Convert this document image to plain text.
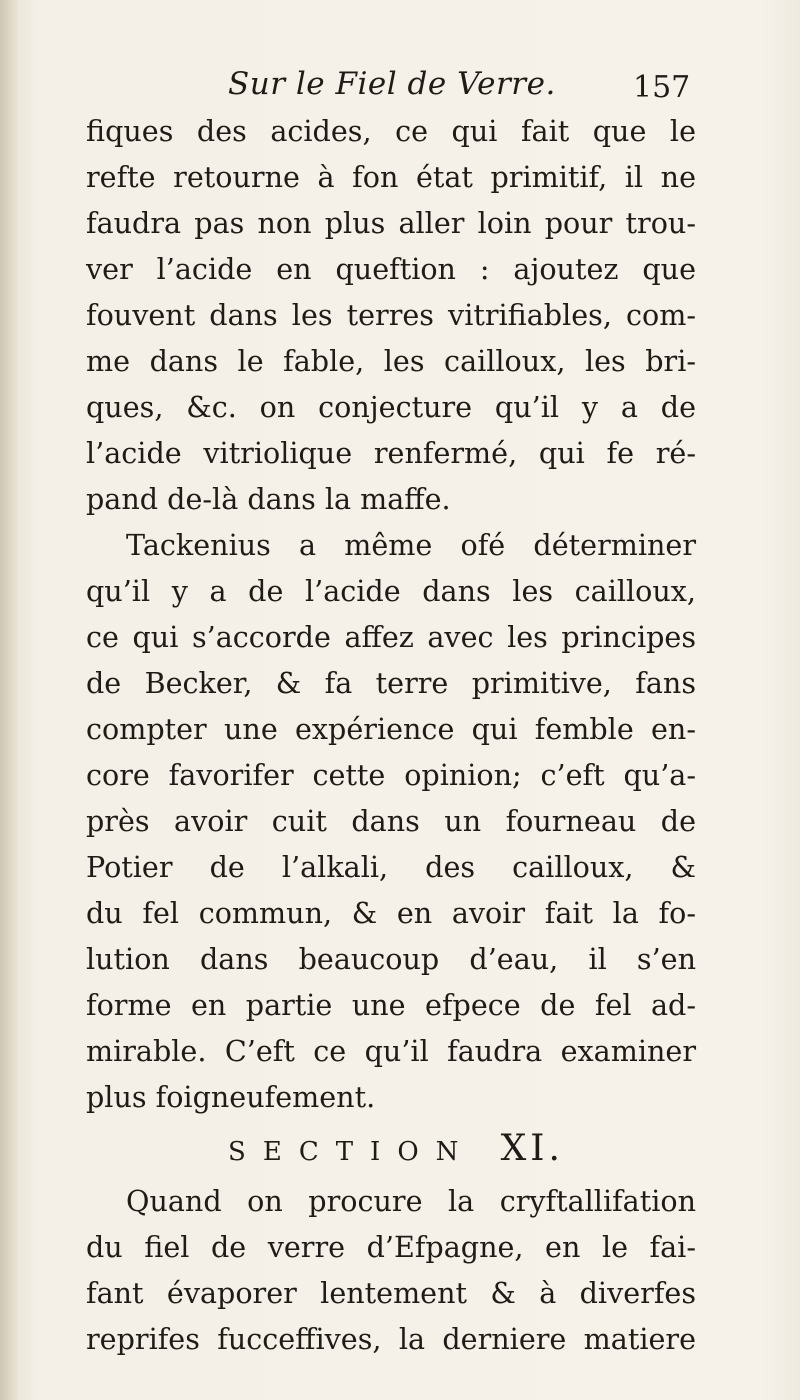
Sur le Fiel de Verre.	157
fiques des acides, ce qui fait que le
refte retourne à fon état primitif, il ne
faudra pas non plus aller loin pour trou-
ver l’acide en queftion : ajoutez que
fouvent dans les terres vitrifiables, com-
me dans le fable, les cailloux, les bri-
ques, &c. on conjecture qu’il y a de
l’acide vitriolique renfermé, qui fe ré-
pand de-là dans la maffe.
Tackenius a même ofé déterminer
qu’il y a de l’acide dans les cailloux,
ce qui s’accorde affez avec les principes
de Becker, & fa terre primitive, fans
compter une expérience qui femble en-
core favorifer cette opinion; c’eft qu’a-
près avoir cuit dans un fourneau de
Potier de l’alkali, des cailloux, &
du fel commun, & en avoir fait la fo-
lution dans beaucoup d’eau, il s’en
forme en partie une efpece de fel ad-
mirable. C’eft ce qu’il faudra examiner
plus foigneufement.
SECTION XI.
Quand on procure la cryftallifation
du fiel de verre d’Efpagne, en le fai-
fant évaporer lentement & à diverfes
reprifes fucceffives, la derniere matiere
